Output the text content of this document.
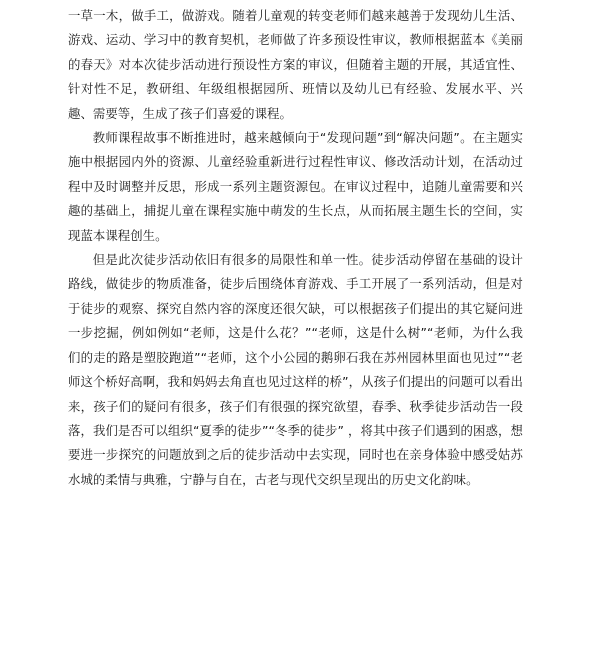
一草一木，做手工，做游戏。随着儿童观的转变老师们越来越善于发现幼儿生活、游戏、运动、学习中的教育契机，老师做了许多预设性审议，教师根据蓝本《美丽的春天》对本次徒步活动进行预设性方案的审议，但随着主题的开展，其适宜性、针对性不足，教研组、年级组根据园所、班情以及幼儿已有经验、发展水平、兴趣、需要等，生成了孩子们喜爱的课程。

教师课程故事不断推进时，越来越倾向于“发现问题”到“解决问题”。在主题实施中根据园内外的资源、儿童经验重新进行过程性审议、修改活动计划，在活动过程中及时调整并反思，形成一系列主题资源包。在审议过程中，追随儿童需要和兴趣的基础上，捕捉儿童在课程实施中萌发的生长点，从而拓展主题生长的空间，实现蓝本课程创生。

但是此次徒步活动依旧有很多的局限性和单一性。徒步活动停留在基础的设计路线，做徒步的物质准备，徒步后围绕体育游戏、手工开展了一系列活动，但是对于徒步的观察、探究自然内容的深度还很欠缺，可以根据孩子们提出的其它疑问进一步挖掘，例如例如“老师，这是什么花？”“老师，这是什么树”“老师，为什么我们的走的路是塑胶跑道”“老师，这个小公园的鹅卵石我在苏州园林里面也见过”“老师这个桥好高啊，我和妈妈去角直也见过这样的桥”，从孩子们提出的问题可以看出来，孩子们的疑问有很多，孩子们有很强的探究欲望，春季、秋季徒步活动告一段落，我们是否可以组织“夏季的徒步”“冬季的徒步” ，将其中孩子们遇到的困惑，想要进一步探究的问题放到之后的徒步活动中去实现，同时也在亲身体验中感受姑苏水城的柔情与典雅，宁静与自在，古老与现代交织呈现出的历史文化韵味。
